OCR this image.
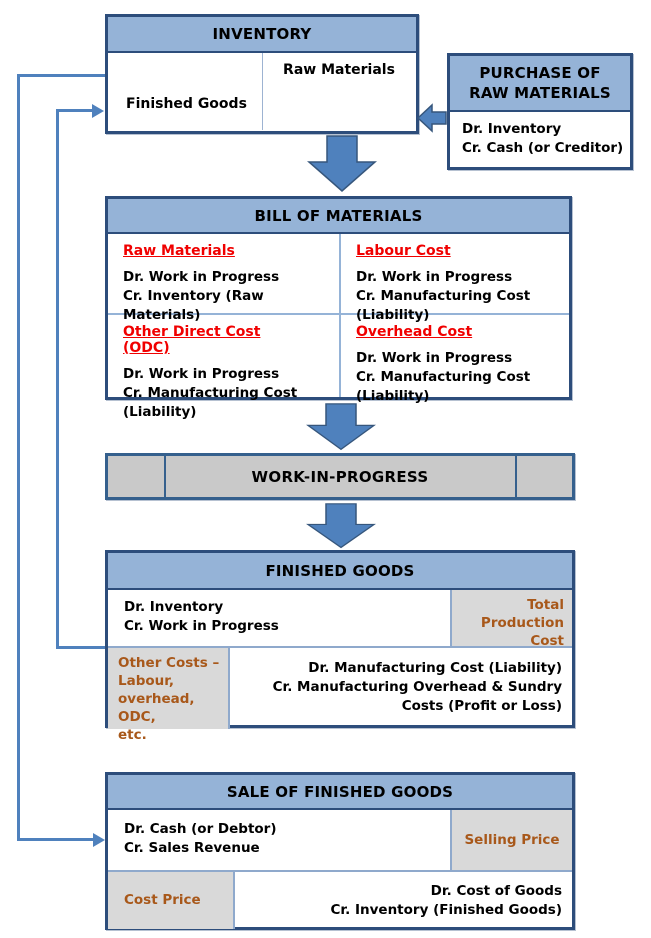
INVENTORY
Finished Goods
Raw Materials	PURCHASE OF RAW MATERIALS
Dr. Inventory
Cr. Cash (or Creditor)
BILL OF MATERIALS
Raw Materials
Dr. Work in Progress
Cr. Inventory (Raw Materials)
Labour Cost
Dr. Work in Progress
Cr. Manufacturing Cost (Liability)
Other Direct Cost (ODC)
Dr. Work in Progress
Cr. Manufacturing Cost (Liability)
Overhead Cost
Dr. Work in Progress
Cr. Manufacturing Cost (Liability)
WORK-IN-PROGRESS
FINISHED GOODS
Dr. Inventory
Cr. Work in Progress
Total Production Cost
Other Costs –
Labour,
overhead, ODC,
etc.
Dr. Manufacturing Cost (Liability)
Cr. Manufacturing Overhead & Sundry
Costs (Profit or Loss)
SALE OF FINISHED GOODS
Dr. Cash (or Debtor)
Cr. Sales Revenue
Selling Price
Cost Price
Dr. Cost of Goods
Cr. Inventory (Finished Goods)
